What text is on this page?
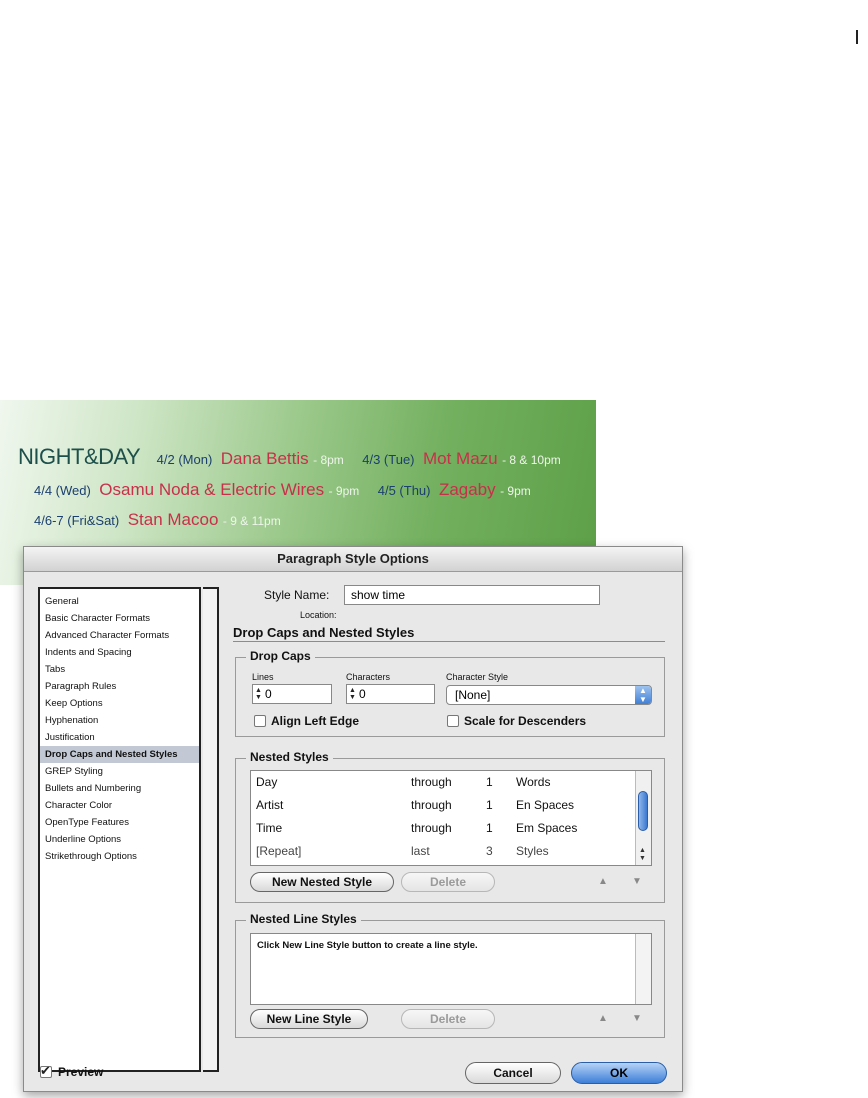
NIGHT&DAY 4/2 (Mon) Dana Bettis - 8pm 4/3 (Tue) Mot Mazu - 8 & 10pm
4/4 (Wed) Osamu Noda & Electric Wires - 9pm 4/5 (Thu) Zagaby - 9pm
4/6-7 (Fri&Sat) Stan Macoo - 9 & 11pm
Paragraph Style Options
General
Basic Character Formats
Advanced Character Formats
Indents and Spacing
Tabs
Paragraph Rules
Keep Options
Hyphenation
Justification
Drop Caps and Nested Styles
GREP Styling
Bullets and Numbering
Character Color
OpenType Features
Underline Options
Strikethrough Options
Style Name:
show time
Location:
Drop Caps and Nested Styles
Drop Caps
Lines
▲
▼ 0
Characters
▲
▼ 0
Character Style
[None]	▲
▼
Align Left Edge	Scale for Descenders
Nested Styles
Day	through	1 Words
Artist	through	1 En Spaces
Time	through	1 Em Spaces
[Repeat]	last	3 Styles	▲
▼
New Nested Style	Delete	▲ ▼
Nested Line Styles
Click New Line Style button to create a line style.
New Line Style	Delete	▲ ▼
✔
Preview	Cancel	OK
